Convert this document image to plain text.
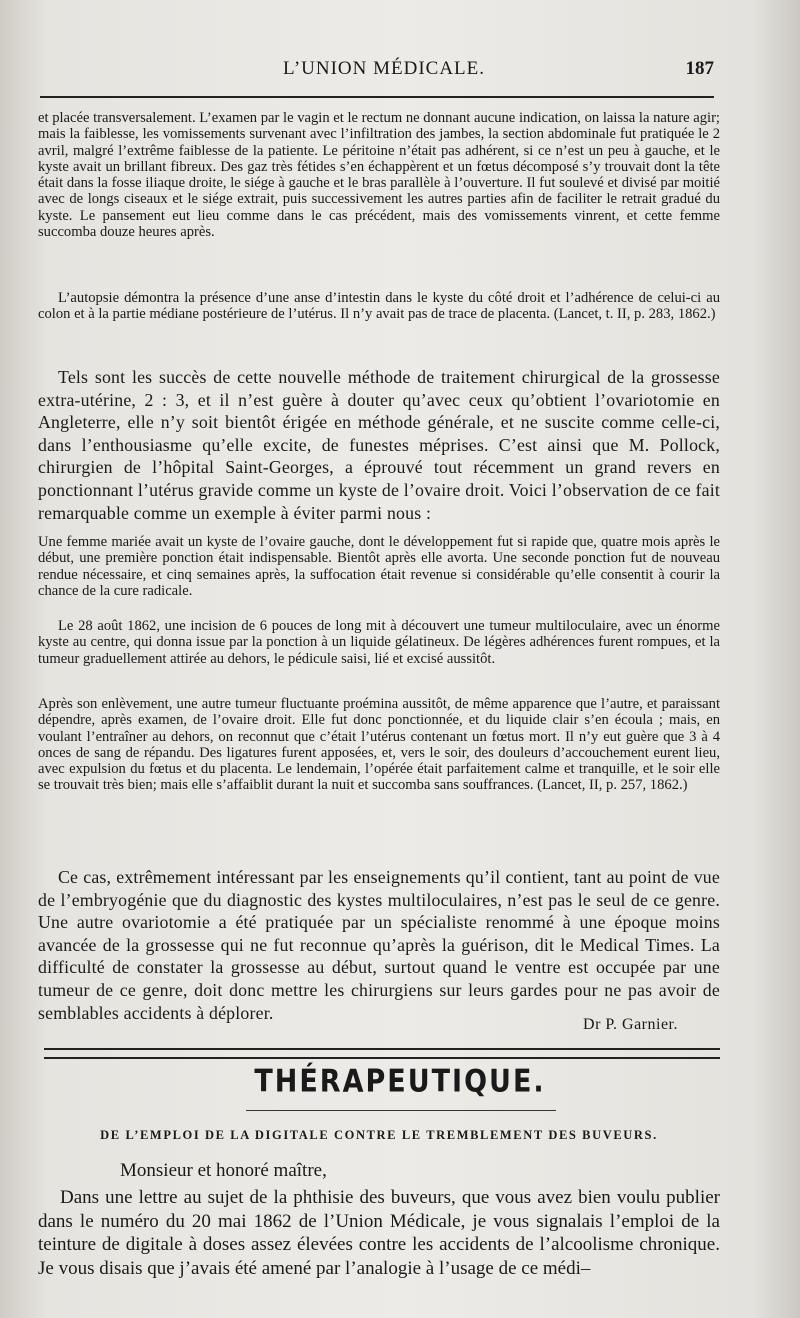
L’UNION MÉDICALE.	187

et placée transversalement. L’examen par le vagin et le rectum ne donnant aucune indication, on laissa la nature agir; mais la faiblesse, les vomissements survenant avec l’infiltration des jambes, la section abdominale fut pratiquée le 2 avril, malgré l’extrême faiblesse de la patiente. Le péritoine n’était pas adhérent, si ce n’est un peu à gauche, et le kyste avait un brillant fibreux. Des gaz très fétides s’en échappèrent et un fœtus décomposé s’y trouvait dont la tête était dans la fosse iliaque droite, le siége à gauche et le bras parallèle à l’ouverture. Il fut soulevé et divisé par moitié avec de longs ciseaux et le siége extrait, puis successivement les autres parties afin de faciliter le retrait gradué du kyste. Le pansement eut lieu comme dans le cas précédent, mais des vomissements vinrent, et cette femme succomba douze heures après.

L’autopsie démontra la présence d’une anse d’intestin dans le kyste du côté droit et l’adhérence de celui-ci au colon et à la partie médiane postérieure de l’utérus. Il n’y avait pas de trace de placenta. (Lancet, t. II, p. 283, 1862.)

Tels sont les succès de cette nouvelle méthode de traitement chirurgical de la grossesse extra-utérine, 2 : 3, et il n’est guère à douter qu’avec ceux qu’obtient l’ovariotomie en Angleterre, elle n’y soit bientôt érigée en méthode générale, et ne suscite comme celle-ci, dans l’enthousiasme qu’elle excite, de funestes méprises. C’est ainsi que M. Pollock, chirurgien de l’hôpital Saint-Georges, a éprouvé tout récemment un grand revers en ponctionnant l’utérus gravide comme un kyste de l’ovaire droit. Voici l’observation de ce fait remarquable comme un exemple à éviter parmi nous :

Une femme mariée avait un kyste de l’ovaire gauche, dont le développement fut si rapide que, quatre mois après le début, une première ponction était indispensable. Bientôt après elle avorta. Une seconde ponction fut de nouveau rendue nécessaire, et cinq semaines après, la suffocation était revenue si considérable qu’elle consentit à courir la chance de la cure radicale.

Le 28 août 1862, une incision de 6 pouces de long mit à découvert une tumeur multiloculaire, avec un énorme kyste au centre, qui donna issue par la ponction à un liquide gélatineux. De légères adhérences furent rompues, et la tumeur graduellement attirée au dehors, le pédicule saisi, lié et excisé aussitôt.

Après son enlèvement, une autre tumeur fluctuante proémina aussitôt, de même apparence que l’autre, et paraissant dépendre, après examen, de l’ovaire droit. Elle fut donc ponctionnée, et du liquide clair s’en écoula ; mais, en voulant l’entraîner au dehors, on reconnut que c’était l’utérus contenant un fœtus mort. Il n’y eut guère que 3 à 4 onces de sang de répandu. Des ligatures furent apposées, et, vers le soir, des douleurs d’accouchement eurent lieu, avec expulsion du fœtus et du placenta. Le lendemain, l’opérée était parfaitement calme et tranquille, et le soir elle se trouvait très bien; mais elle s’affaiblit durant la nuit et succomba sans souffrances. (Lancet, II, p. 257, 1862.)

Ce cas, extrêmement intéressant par les enseignements qu’il contient, tant au point de vue de l’embryogénie que du diagnostic des kystes multiloculaires, n’est pas le seul de ce genre. Une autre ovariotomie a été pratiquée par un spécialiste renommé à une époque moins avancée de la grossesse qui ne fut reconnue qu’après la guérison, dit le Medical Times. La difficulté de constater la grossesse au début, surtout quand le ventre est occupée par une tumeur de ce genre, doit donc mettre les chirurgiens sur leurs gardes pour ne pas avoir de semblables accidents à déplorer.

Dr P. Garnier.
THÉRAPEUTIQUE.
DE L’EMPLOI DE LA DIGITALE CONTRE LE TREMBLEMENT DES BUVEURS.
Monsieur et honoré maître,

Dans une lettre au sujet de la phthisie des buveurs, que vous avez bien voulu publier dans le numéro du 20 mai 1862 de l’Union Médicale, je vous signalais l’emploi de la teinture de digitale à doses assez élevées contre les accidents de l’alcoolisme chronique. Je vous disais que j’avais été amené par l’analogie à l’usage de ce médi–
